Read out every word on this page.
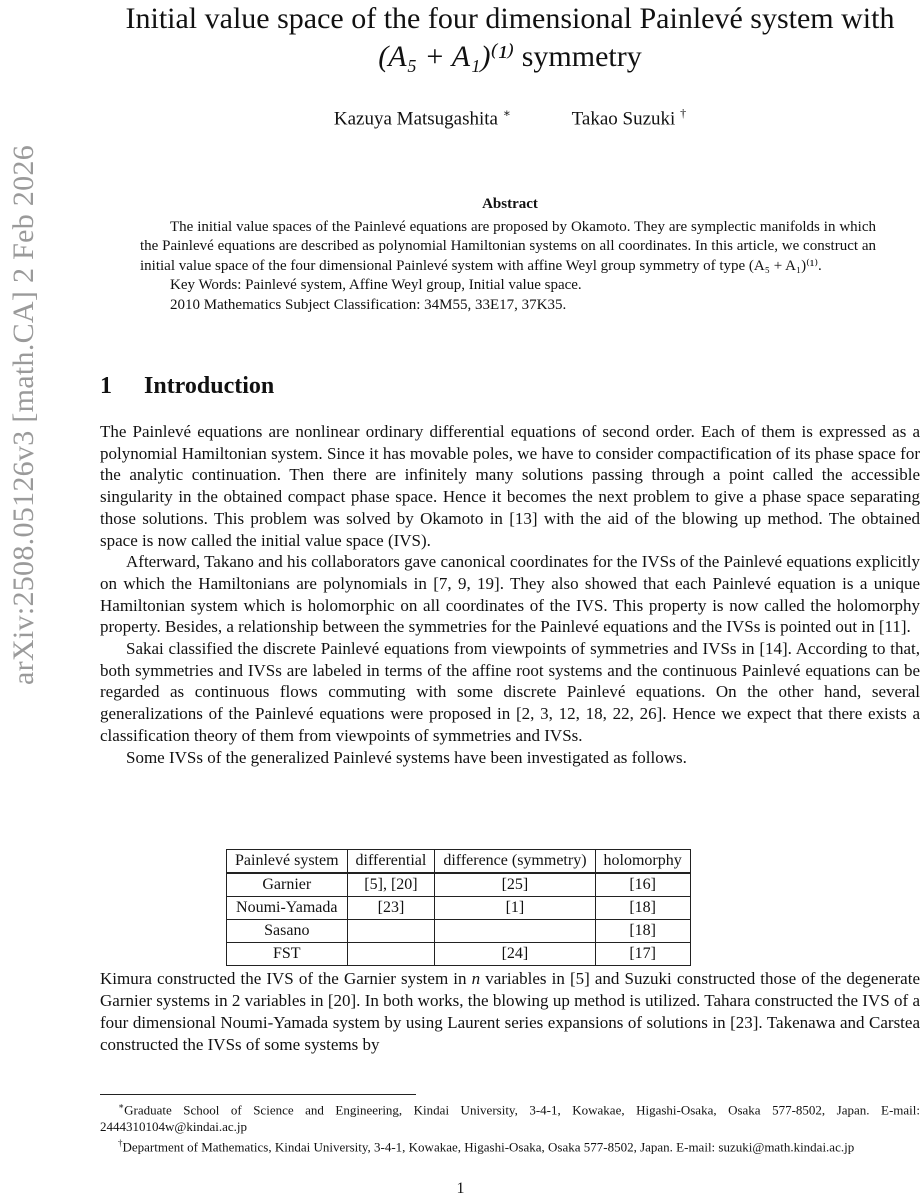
arXiv:2508.05126v3 [math.CA] 2 Feb 2026
Initial value space of the four dimensional Painlevé system with
(A₅ + A₁)⁽¹⁾ symmetry
Kazuya Matsugashita ∗	Takao Suzuki †
Abstract

The initial value spaces of the Painlevé equations are proposed by Okamoto. They are symplectic manifolds in which the Painlevé equations are described as polynomial Hamiltonian systems on all coordinates. In this article, we construct an initial value space of the four dimensional Painlevé system with affine Weyl group symmetry of type (A₅ + A₁)⁽¹⁾.

Key Words: Painlevé system, Affine Weyl group, Initial value space.

2010 Mathematics Subject Classification: 34M55, 33E17, 37K35.

1 Introduction

The Painlevé equations are nonlinear ordinary differential equations of second order. Each of them is expressed as a polynomial Hamiltonian system. Since it has movable poles, we have to consider compactification of its phase space for the analytic continuation. Then there are infinitely many solutions passing through a point called the accessible singularity in the obtained compact phase space. Hence it becomes the next problem to give a phase space separating those solutions. This problem was solved by Okamoto in [13] with the aid of the blowing up method. The obtained space is now called the initial value space (IVS).

Afterward, Takano and his collaborators gave canonical coordinates for the IVSs of the Painlevé equations explicitly on which the Hamiltonians are polynomials in [7, 9, 19]. They also showed that each Painlevé equation is a unique Hamiltonian system which is holomorphic on all coordinates of the IVS. This property is now called the holomorphy property. Besides, a relationship between the symmetries for the Painlevé equations and the IVSs is pointed out in [11].

Sakai classified the discrete Painlevé equations from viewpoints of symmetries and IVSs in [14]. According to that, both symmetries and IVSs are labeled in terms of the affine root systems and the continuous Painlevé equations can be regarded as continuous flows commuting with some discrete Painlevé equations. On the other hand, several generalizations of the Painlevé equations were proposed in [2, 3, 12, 18, 22, 26]. Hence we expect that there exists a classification theory of them from viewpoints of symmetries and IVSs.

Some IVSs of the generalized Painlevé systems have been investigated as follows.

Painlevé system	differential	difference (symmetry)	holomorphy
Garnier	[5], [20]	[25]	[16]
Noumi-Yamada	[23]	[1]	[18]
Sasano			[18]
FST		[24]	[17]

Kimura constructed the IVS of the Garnier system in n variables in [5] and Suzuki constructed those of the degenerate Garnier systems in 2 variables in [20]. In both works, the blowing up method is utilized. Tahara constructed the IVS of a four dimensional Noumi-Yamada system by using Laurent series expansions of solutions in [23]. Takenawa and Carstea constructed the IVSs of some systems by

∗Graduate School of Science and Engineering, Kindai University, 3-4-1, Kowakae, Higashi-Osaka, Osaka 577-8502, Japan. E-mail: 2444310104w@kindai.ac.jp

†Department of Mathematics, Kindai University, 3-4-1, Kowakae, Higashi-Osaka, Osaka 577-8502, Japan. E-mail: suzuki@math.kindai.ac.jp

1
